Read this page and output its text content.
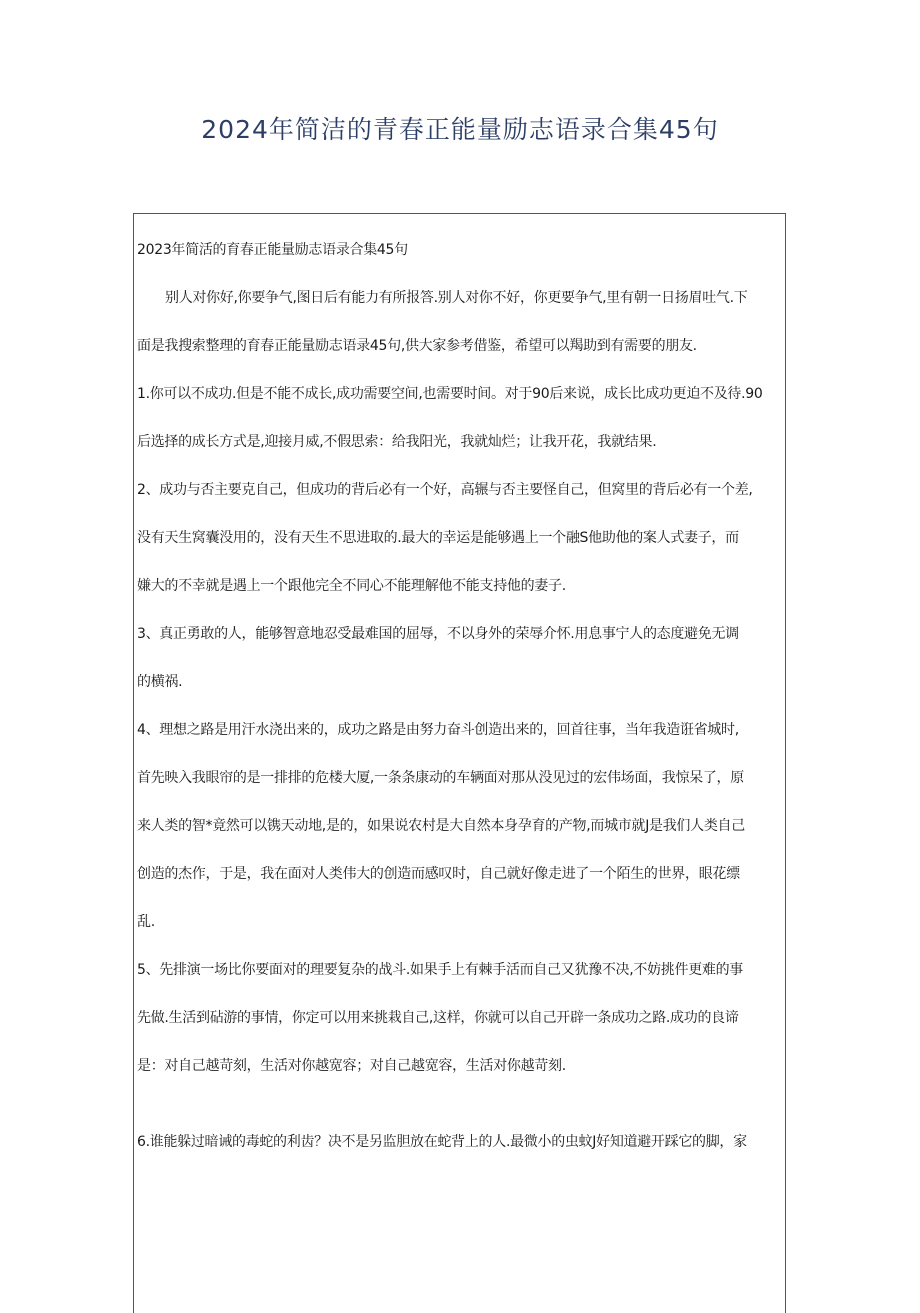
2024年简洁的青春正能量励志语录合集45句
2023年简活的育春正能量励志语录合集45句
别人对你好,你要争气,图日后有能力有所报答.别人对你不好，你更要争气,里有朝一日扬眉吐气.下
面是我搜索整理的育春正能量励志语录45句,供大家参考借鉴，希望可以羯助到有需要的朋友.
1.你可以不成功.但是不能不成长,成功需要空间,也需要时间。对于90后来说，成长比成功更迫不及待.90
后选择的成长方式是,迎接月威,不假思索：给我阳光，我就灿烂；让我开花，我就结果.
2、成功与否主要克自己，但成功的背后必有一个好，高辗与否主要怪自己，但窝里的背后必有一个差,
没有天生窝囊没用的，没有天生不思进取的.最大的幸运是能够遇上一个融S他助他的案人式妻子，而
嫌大的不幸就是遇上一个跟他完全不同心不能理解他不能支持他的妻子.
3、真正勇敢的人，能够智意地忍受最难国的屈辱，不以身外的荣辱介怀.用息事宁人的态度避免无调
的横祸.
4、理想之路是用汗水浇出来的，成功之路是由努力奋斗创造出来的，回首往事，当年我造诳省城时,
首先映入我眼帘的是一排排的危楼大厦,一条条康动的车辆面对那从没见过的宏伟场面，我惊呆了，原
来人类的智*竟然可以镌天动地,是的，如果说农村是大自然本身孕育的产物,而城市就J是我们人类自己
创造的杰作，于是，我在面对人类伟大的创造而感叹时，自己就好像走进了一个陌生的世界，眼花缥
乱.
5、先排演一场比你要面对的理要复杂的战斗.如果手上有棘手活而自己又犹豫不决,不妨挑件更难的事
先做.生活到砧游的事情，你定可以用来挑栽自己,这样，你就可以自己开辟一条成功之路.成功的良谛
是：对自己越苛刻，生活对你越宽容；对自己越宽容，生活对你越苛刻.
6.谁能躲过暗诫的毒蛇的利齿？决不是另监胆放在蛇背上的人.最微小的虫蚊J好知道避开踩它的脚，家
